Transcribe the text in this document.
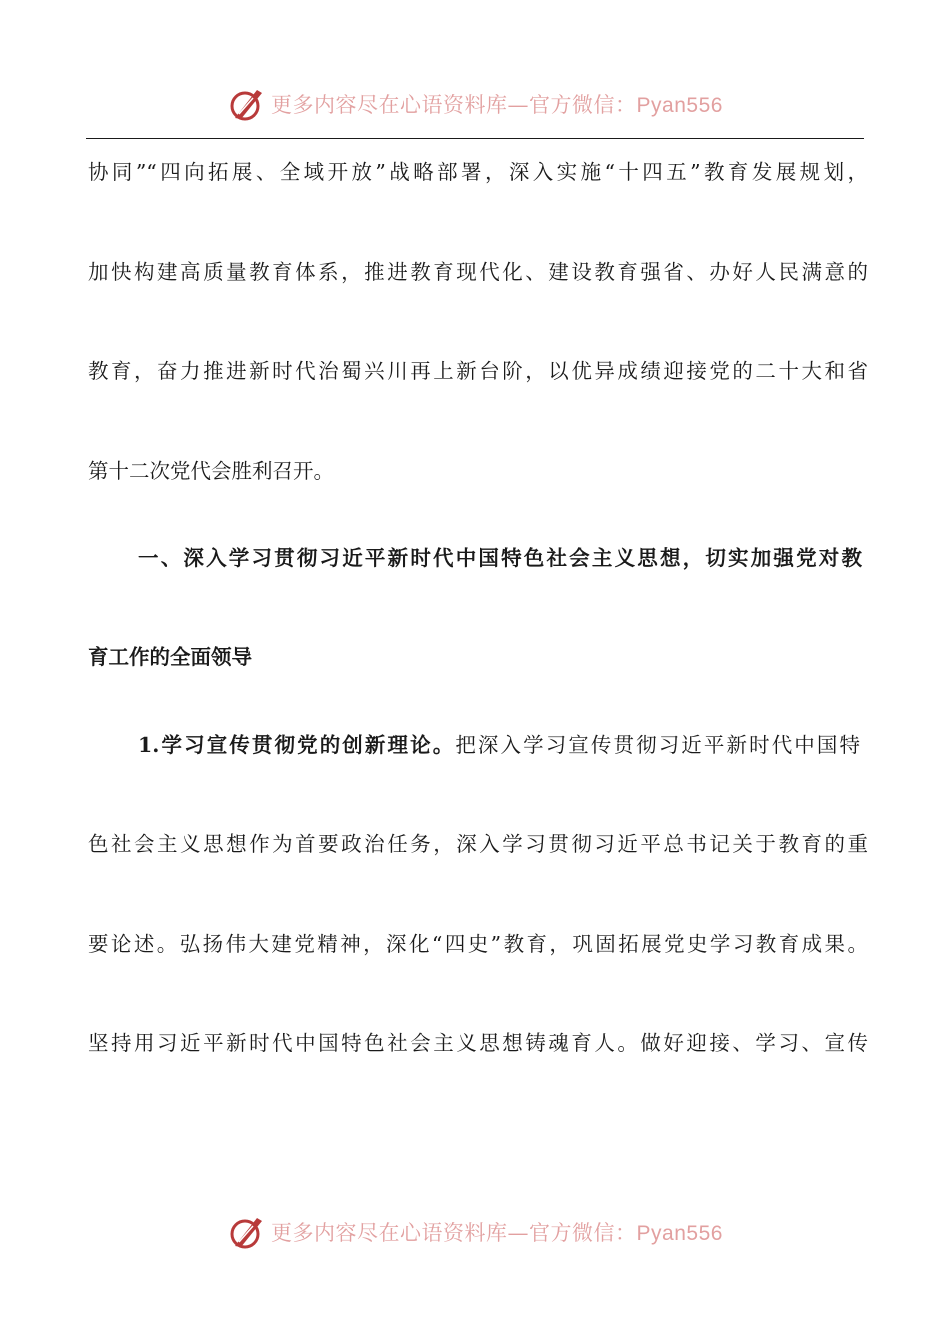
更多内容尽在心语资料库—官方微信：Pyan556
协同”“四向拓展、全域开放”战略部署，深入实施“十四五”教育发展规划，
加快构建高质量教育体系，推进教育现代化、建设教育强省、办好人民满意的
教育，奋力推进新时代治蜀兴川再上新台阶，以优异成绩迎接党的二十大和省
第十二次党代会胜利召开。
一、深入学习贯彻习近平新时代中国特色社会主义思想，切实加强党对教
育工作的全面领导
1.学习宣传贯彻党的创新理论。把深入学习宣传贯彻习近平新时代中国特
色社会主义思想作为首要政治任务，深入学习贯彻习近平总书记关于教育的重
要论述。弘扬伟大建党精神，深化“四史”教育，巩固拓展党史学习教育成果。
坚持用习近平新时代中国特色社会主义思想铸魂育人。做好迎接、学习、宣传
更多内容尽在心语资料库—官方微信：Pyan556
